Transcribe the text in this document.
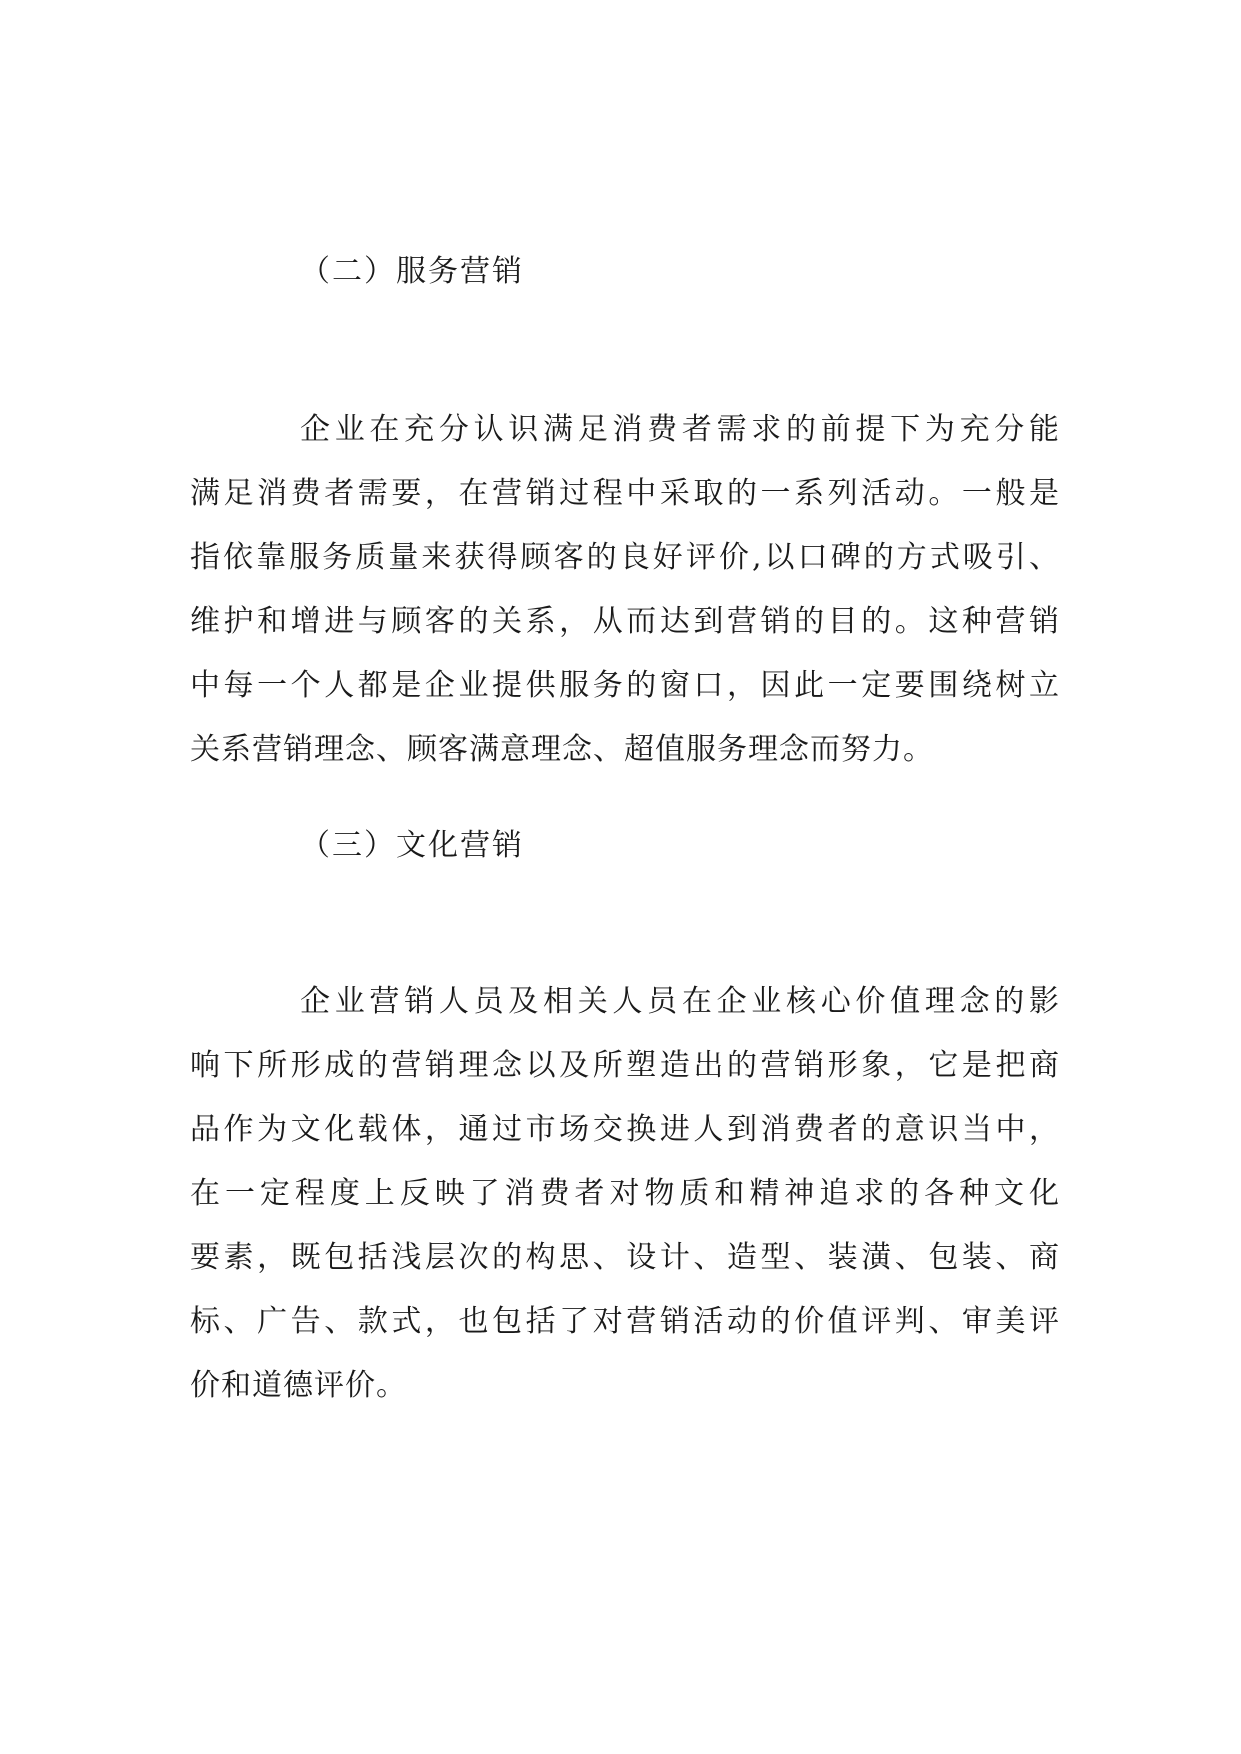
（二）服务营销
企业在充分认识满足消费者需求的前提下为充分能
满足消费者需要，在营销过程中采取的一系列活动。一般是
指依靠服务质量来获得顾客的良好评价,以口碑的方式吸引、
维护和增进与顾客的关系，从而达到营销的目的。这种营销
中每一个人都是企业提供服务的窗口，因此一定要围绕树立
关系营销理念、顾客满意理念、超值服务理念而努力。
（三）文化营销
企业营销人员及相关人员在企业核心价值理念的影
响下所形成的营销理念以及所塑造出的营销形象，它是把商
品作为文化载体，通过市场交换进人到消费者的意识当中，
在一定程度上反映了消费者对物质和精神追求的各种文化
要素，既包括浅层次的构思、设计、造型、装潢、包装、商
标、广告、款式，也包括了对营销活动的价值评判、审美评
价和道德评价。
